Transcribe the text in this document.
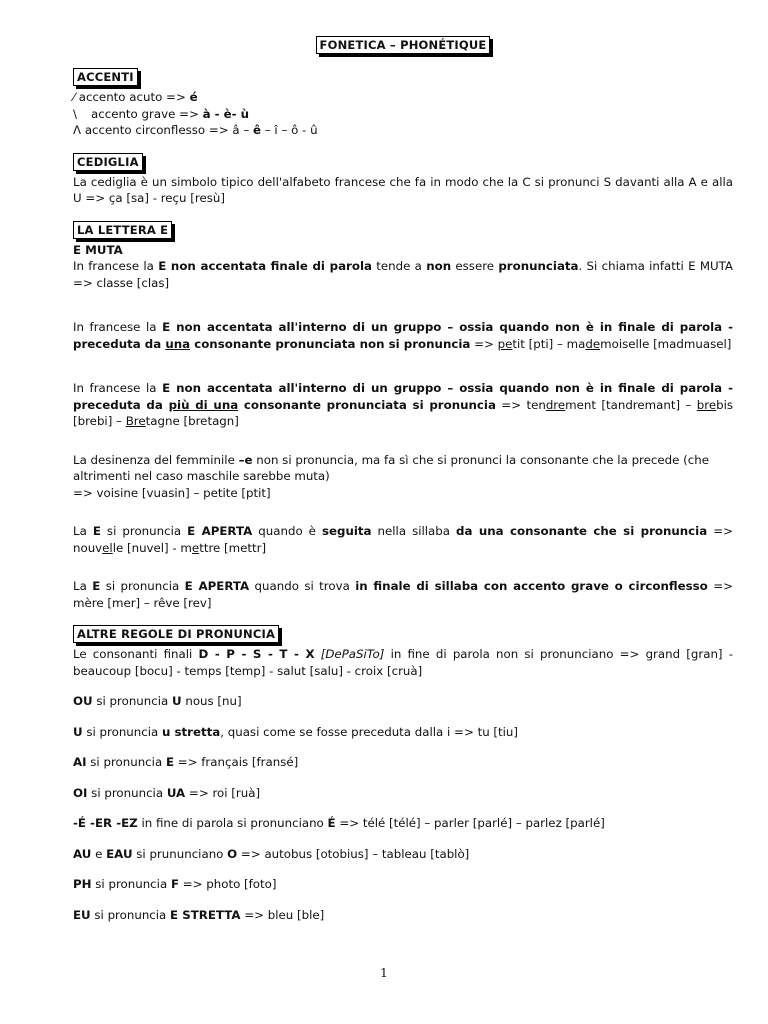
FONETICA – PHONÉTIQUE
ACCENTI

⁄ accento acuto => é

\ accento grave => à - è- ù

Λ accento circonflesso => â – ê – î – ô - û

CEDIGLIA

La cediglia è un simbolo tipico dell'alfabeto francese che fa in modo che la C si pronunci S davanti alla A e alla U => ça [sa] - reçu [resù]

LA LETTERA E

E MUTA

In francese la E non accentata finale di parola tende a non essere pronunciata. Si chiama infatti E MUTA => classe [clas]

In francese la E non accentata all'interno di un gruppo – ossia quando non è in finale di parola - preceduta da una consonante pronunciata non si pronuncia => petit [pti] – mademoiselle [madmuasel]

In francese la E non accentata all'interno di un gruppo – ossia quando non è in finale di parola - preceduta da più di una consonante pronunciata si pronuncia => tendrement [tandremant] – brebis [brebi] – Bretagne [bretagn]

La desinenza del femminile –e non si pronuncia, ma fa sì che si pronunci la consonante che la precede (che altrimenti nel caso maschile sarebbe muta)

=> voisine [vuasin] – petite [ptit]

La E si pronuncia E APERTA quando è seguita nella sillaba da una consonante che si pronuncia => nouvelle [nuvel] - mettre [mettr]

La E si pronuncia E APERTA quando si trova in finale di sillaba con accento grave o circonflesso => mère [mer] – rêve [rev]

ALTRE REGOLE DI PRONUNCIA

Le consonanti finali D - P - S - T - X [DePaSiTo] in fine di parola non si pronunciano => grand [gran] - beaucoup [bocu] - temps [temp] - salut [salu] - croix [cruà]

OU si pronuncia U nous [nu]

U si pronuncia u stretta, quasi come se fosse preceduta dalla i => tu [tiu]

AI si pronuncia E => français [fransé]

OI si pronuncia UA => roi [ruà]

-É -ER -EZ in fine di parola si pronunciano É => télé [télé] – parler [parlé] – parlez [parlé]

AU e EAU si prununciano O => autobus [otobius] – tableau [tablò]

PH si pronuncia F => photo [foto]

EU si pronuncia E STRETTA => bleu [ble]

1
